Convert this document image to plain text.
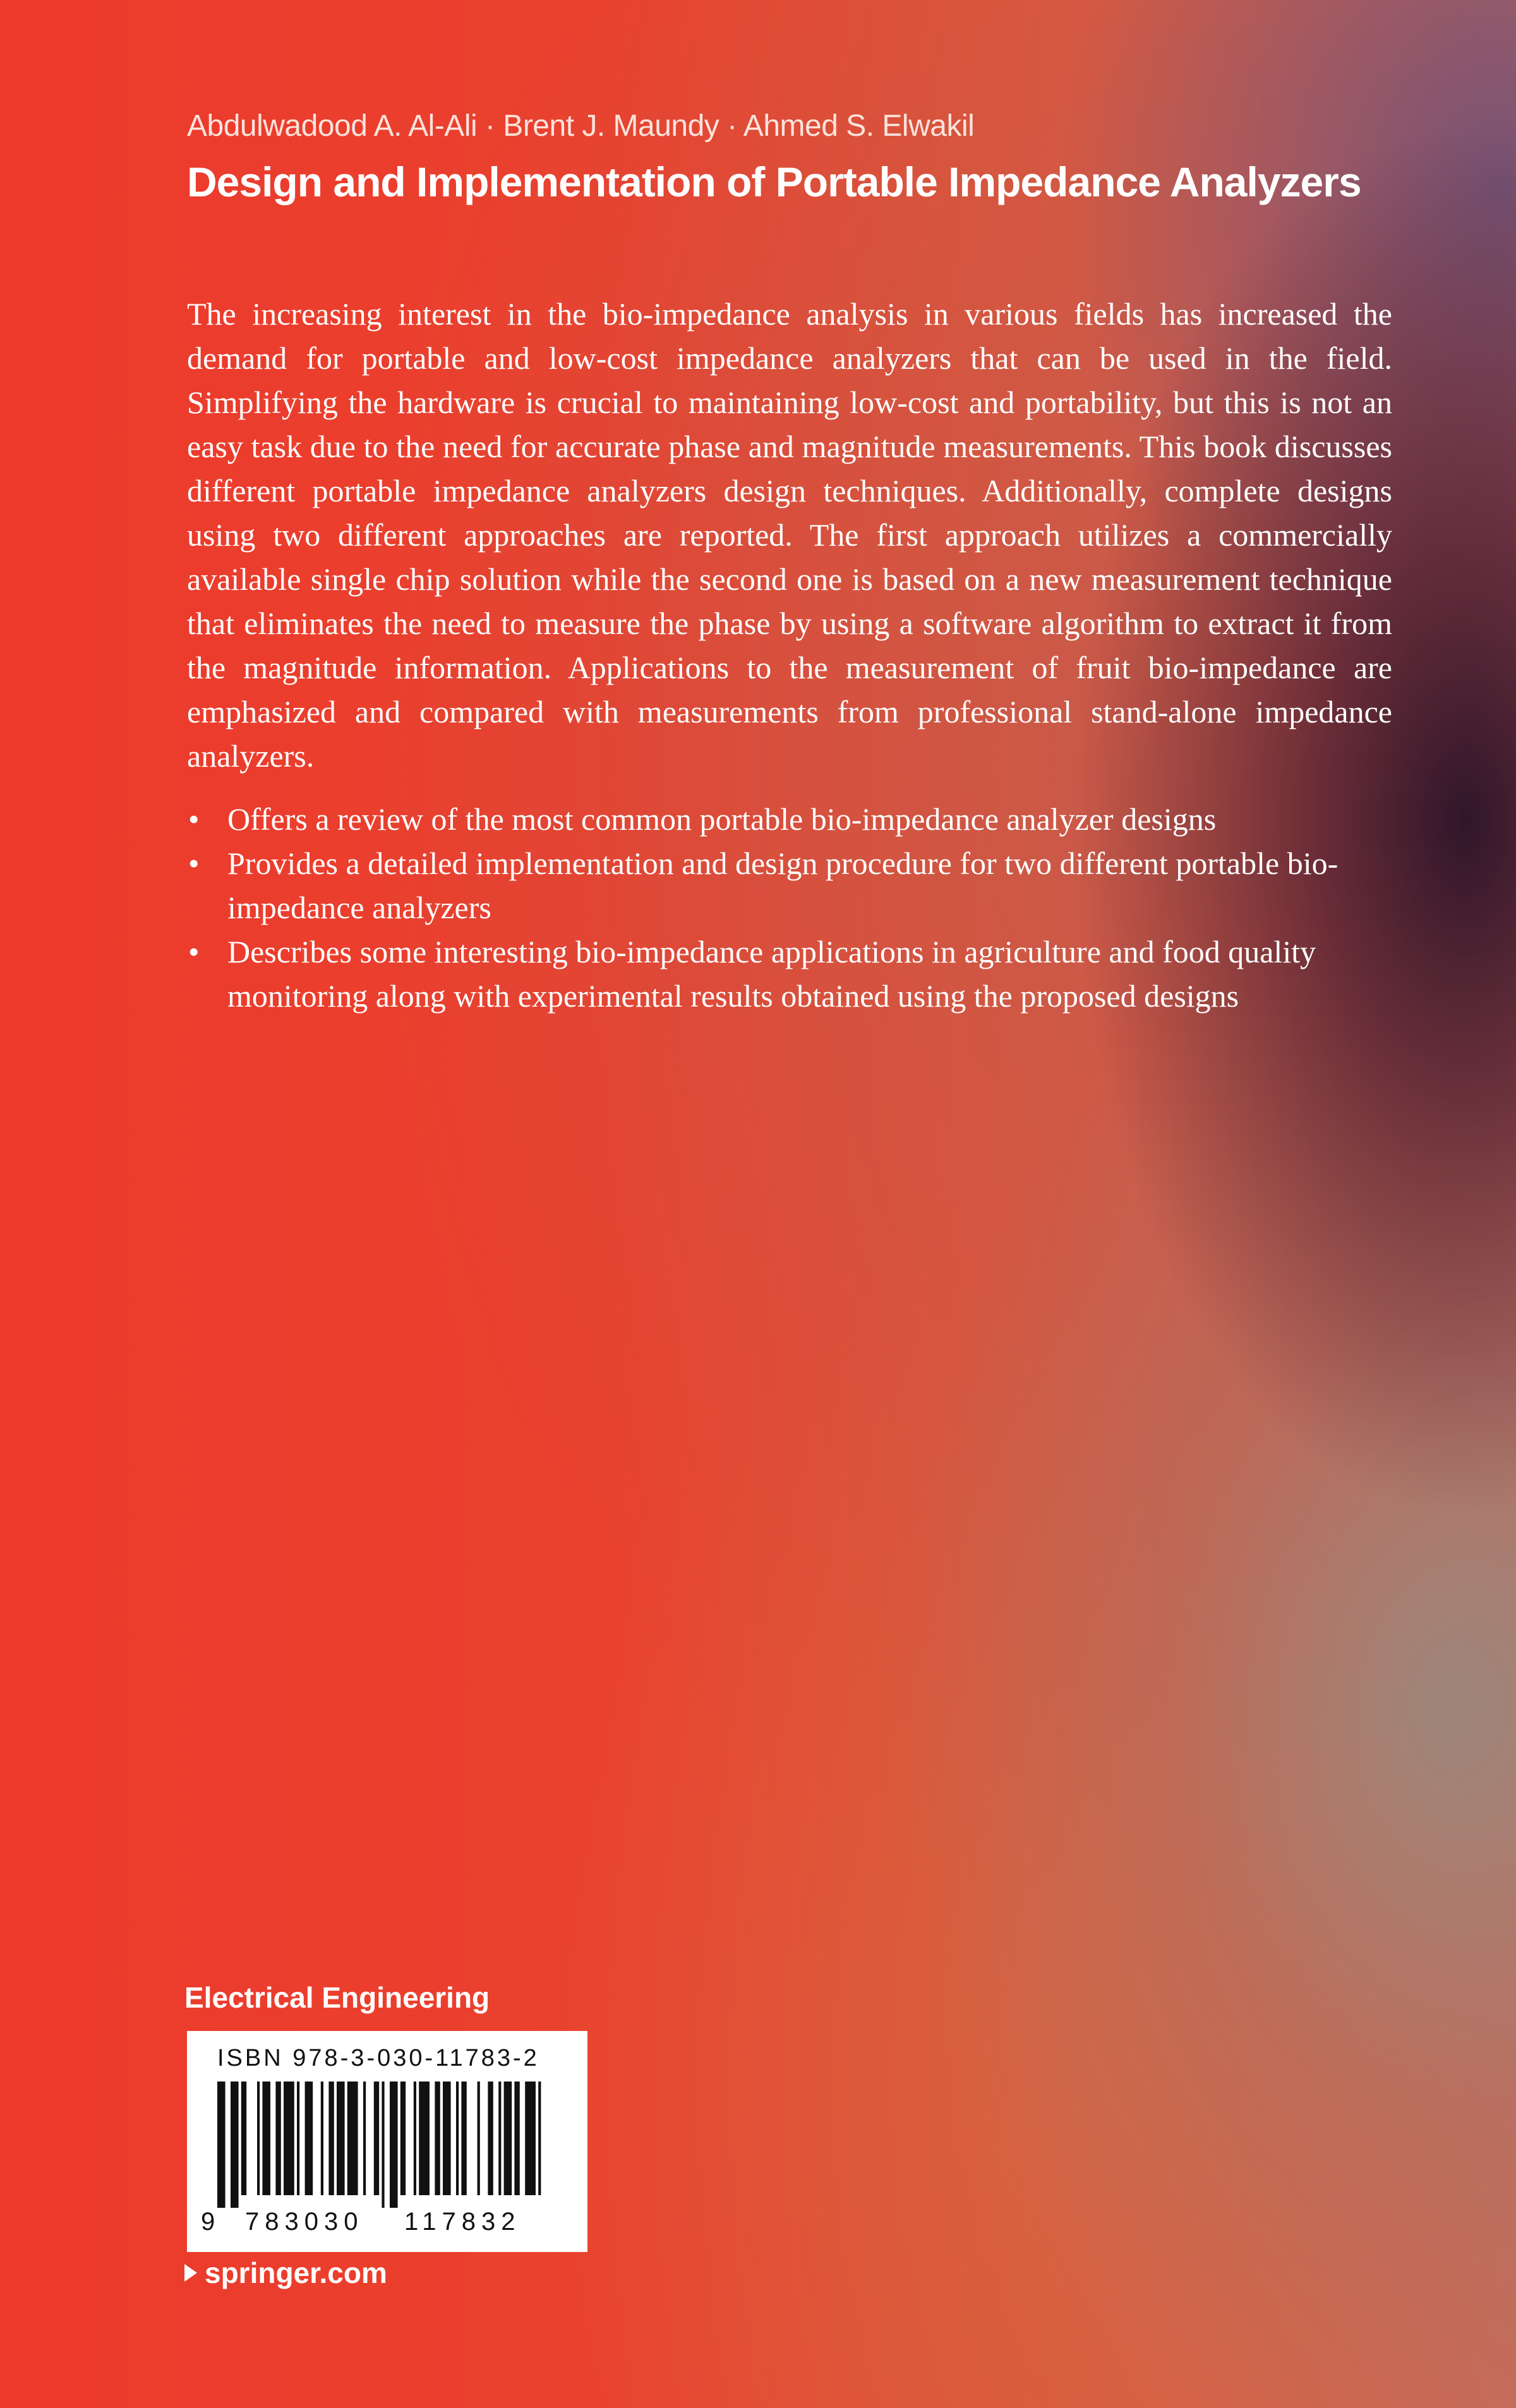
Abdulwadood A. Al-Ali · Brent J. Maundy · Ahmed S. Elwakil
Design and Implementation of Portable Impedance Analyzers

The increasing interest in the bio-impedance analysis in various fields has increased the demand for portable and low-cost impedance analyzers that can be used in the field. Simplifying the hardware is crucial to maintaining low-cost and portability, but this is not an easy task due to the need for accurate phase and magnitude measurements. This book discusses different portable impedance analyzers design techniques. Additionally, complete designs using two different approaches are reported. The first approach utilizes a commercially available single chip solution while the second one is based on a new measurement technique that eliminates the need to measure the phase by using a software algorithm to extract it from the magnitude information. Applications to the measurement of fruit bio-impedance are emphasized and compared with measurements from professional stand-alone impedance analyzers.

• Offers a review of the most common portable bio-impedance analyzer designs
• Provides a detailed implementation and design procedure for two different portable bio-impedance analyzers
• Describes some interesting bio-impedance applications in agriculture and food quality monitoring along with experimental results obtained using the proposed designs
Electrical Engineering
ISBN 978-3-030-11783-2
9 783030 117832
springer.com
